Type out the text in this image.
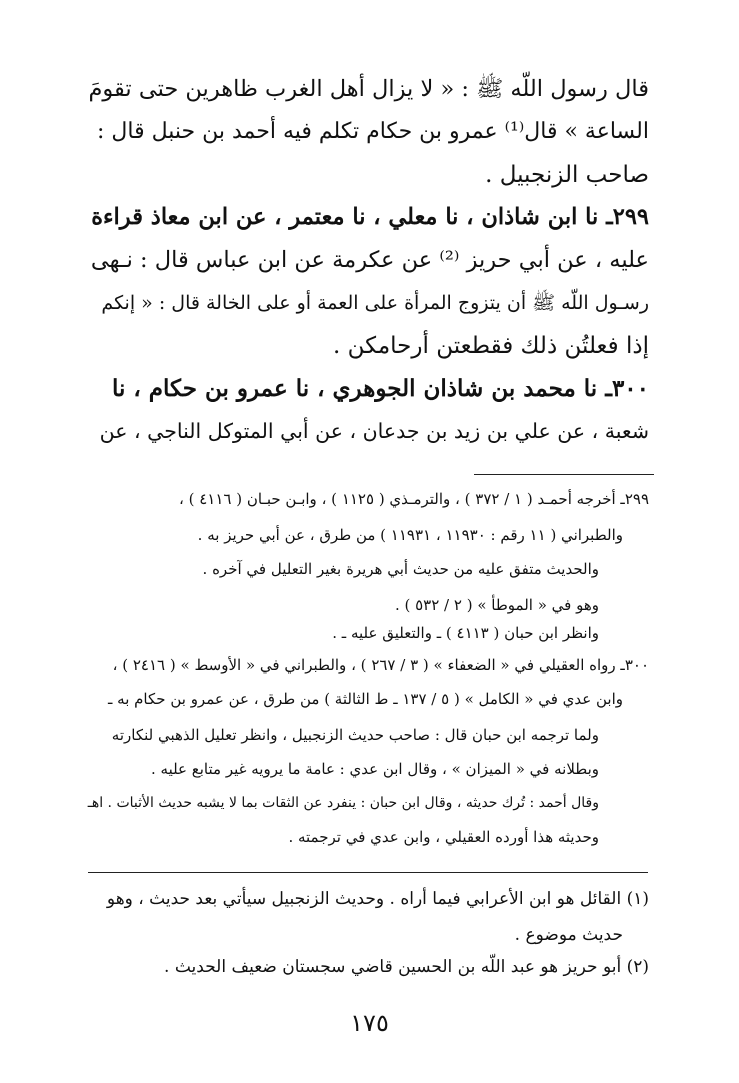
قال رسول اللّه ﷺ : « لا يزال أهل الغرب ظاهرين حتى تقومَ
الساعة » قال⁽¹⁾ عمرو بن حكام تكلم فيه أحمد بن حنبل قال :
صاحب الزنجبيل .
٢٩٩ـ نا ابن شاذان ، نا معلي ، نا معتمر ، عن ابن معاذ قراءة
عليه ، عن أبي حريز ⁽²⁾ عن عكرمة عن ابن عباس قال : نـهى
رسـول اللّه ﷺ أن يتزوج المرأة على العمة أو على الخالة قال : « إنكم
إذا فعلتُن ذلك فقطعتن أرحامكن .
٣٠٠ـ نا محمد بن شاذان الجوهري ، نا عمرو بن حكام ، نا
شعبة ، عن علي بن زيد بن جدعان ، عن أبي المتوكل الناجي ، عن
٢٩٩ـ أخرجه أحمـد ( ١ / ٣٧٢ ) ، والترمـذي ( ١١٢٥ ) ، وابـن حبـان ( ٤١١٦ ) ،
والطبراني ( ١١ رقم : ١١٩٣٠ ، ١١٩٣١ ) من طرق ، عن أبي حريز به .
والحديث متفق عليه من حديث أبي هريرة بغير التعليل في آخره .
وهو في « الموطأ » ( ٢ / ٥٣٢ ) .
وانظر ابن حبان ( ٤١١٣ ) ـ والتعليق عليه ـ .
٣٠٠ـ رواه العقيلي في « الضعفاء » ( ٣ / ٢٦٧ ) ، والطبراني في « الأوسط » ( ٢٤١٦ ) ،
وابن عدي في « الكامل » ( ٥ / ١٣٧ ـ ط الثالثة ) من طرق ، عن عمرو بن حكام به ـ
ولما ترجمه ابن حبان قال : صاحب حديث الزنجبيل ، وانظر تعليل الذهبي لنكارته
وبطلانه في « الميزان » ، وقال ابن عدي : عامة ما يرويه غير متابع عليه .
وقال أحمد : تُرك حديثه ، وقال ابن حبان : ينفرد عن الثقات بما لا يشبه حديث الأثبات . اهـ
وحديثه هذا أورده العقيلي ، وابن عدي في ترجمته .
(١) القائل هو ابن الأعرابي فيما أراه . وحديث الزنجبيل سيأتي بعد حديث ، وهو
حديث موضوع .
(٢) أبو حريز هو عبد اللّه بن الحسين قاضي سجستان ضعيف الحديث .
١٧٥
